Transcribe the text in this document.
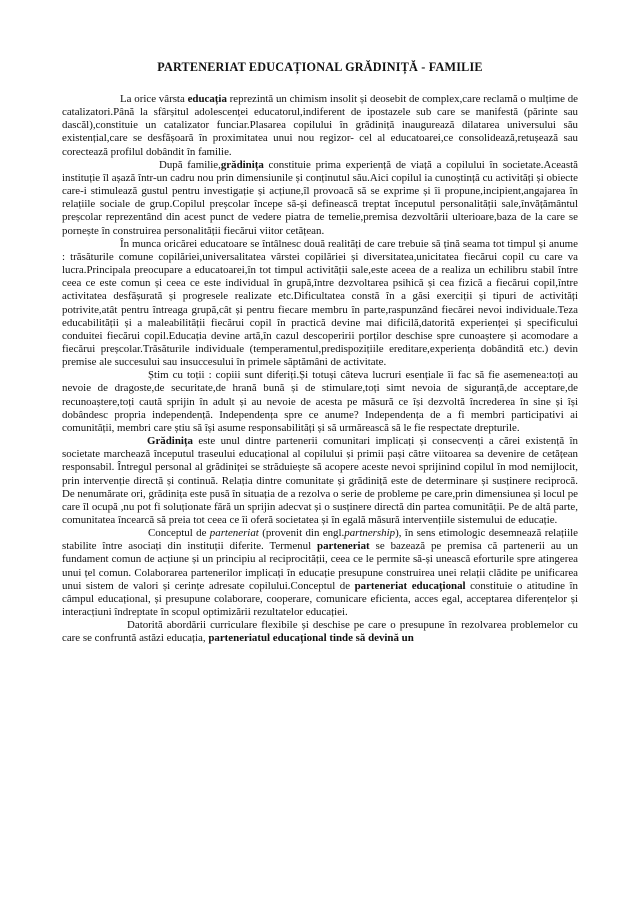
PARTENERIAT EDUCAȚIONAL GRĂDINIȚĂ - FAMILIE

La orice vârsta educația reprezintă un chimism insolit și deosebit de complex,care reclamă o mulțime de catalizatori.Până la sfârșitul adolescenței educatorul,indiferent de ipostazele sub care se manifestă (părinte sau dascăl),constituie un catalizator funciar.Plasarea copilului în grădiniță inaugurează dilatarea universului său existențial,care se desfășoară în proximitatea unui nou regizor- cel al educatoarei,ce consolidează,retușează sau corectează profilul dobândit în familie.

După familie,grădinița constituie prima experiență de viață a copilului în societate.Această instituție îl așază într-un cadru nou prin dimensiunile și conținutul său.Aici copilul ia cunoștință cu activități și obiecte care-i stimulează gustul pentru investigație și acțiune,îl provoacă să se exprime și îi propune,incipient,angajarea în relațiile sociale de grup.Copilul preșcolar începe să-și definească treptat începutul personalității sale,învățământul preșcolar reprezentând din acest punct de vedere piatra de temelie,premisa dezvoltării ulterioare,baza de la care se pornește în construirea personalității fiecărui viitor cetățean.

În munca oricărei educatoare se întâlnesc două realități de care trebuie să țină seama tot timpul și anume : trăsăturile comune copilăriei,universalitatea vârstei copilăriei și diversitatea,unicitatea fiecărui copil cu care va lucra.Principala preocupare a educatoarei,în tot timpul activității sale,este aceea de a realiza un echilibru stabil între ceea ce este comun și ceea ce este individual în grupă,între dezvoltarea psihică și cea fizică a fiecărui copil,între activitatea desfășurată și progresele realizate etc.Dificultatea constă în a găsi exerciții și tipuri de activități potrivite,atât pentru întreaga grupă,cât și pentru fiecare membru în parte,raspunzând fiecărei nevoi individuale.Teza educabilității și a maleabilității fiecărui copil în practică devine mai dificilă,datorită experienței și specificului conduitei fiecărui copil.Educația devine artă,în cazul descoperirii porților deschise spre cunoaștere și acomodare a fiecărui preșcolar.Trăsăturile individuale (temperamentul,predispozițiile ereditare,experiența dobândită etc.) devin premise ale succesului sau insuccesului în primele săptămâni de activitate.

Știm cu toții : copiii sunt diferiți.Și totuși câteva lucruri esențiale îi fac să fie asemenea:toți au nevoie de dragoste,de securitate,de hrană bună și de stimulare,toți simt nevoia de siguranță,de acceptare,de recunoaștere,toți caută sprijin în adult și au nevoie de acesta pe măsură ce își dezvoltă încrederea în sine și își dobândesc propria independență. Independența spre ce anume? Independența de a fi membri participativi ai comunității, membri care știu să își asume responsabilități și să urmărească să le fie respectate drepturile.

Grădinița este unul dintre partenerii comunitari implicați și consecvenți a cărei existență în societate marchează începutul traseului educațional al copilului și primii pași către viitoarea sa devenire de cetățean responsabil. Întregul personal al grădiniței se străduiește să acopere aceste nevoi sprijinind copilul în mod nemijlocit, prin intervenție directă și continuă. Relația dintre comunitate și grădiniță este de determinare și susținere reciprocă. De nenumărate ori, grădinița este pusă în situația de a rezolva o serie de probleme pe care,prin dimensiunea și locul pe care îl ocupă ,nu pot fi soluționate fără un sprijin adecvat și o susținere directă din partea comunității. Pe de altă parte, comunitatea încearcă să preia tot ceea ce îi oferă societatea și în egală măsură intervențiile sistemului de educație.

Conceptul de parteneriat (provenit din engl.partnership), în sens etimologic desemnează relațiile stabilite între asociați din instituții diferite. Termenul parteneriat se bazează pe premisa că partenerii au un fundament comun de acțiune și un principiu al reciprocității, ceea ce le permite să-și unească eforturile spre atingerea unui țel comun. Colaborarea partenerilor implicați în educație presupune construirea unei relații clădite pe unificarea unui sistem de valori și cerințe adresate copilului.Conceptul de parteneriat educațional constituie o atitudine în câmpul educațional, și presupune colaborare, cooperare, comunicare eficienta, acces egal, acceptarea diferențelor și interacțiuni îndreptate în scopul optimizării rezultatelor educației.

Datorită abordării curriculare flexibile și deschise pe care o presupune în rezolvarea problemelor cu care se confruntă astăzi educația, parteneriatul educațional tinde să devină un
